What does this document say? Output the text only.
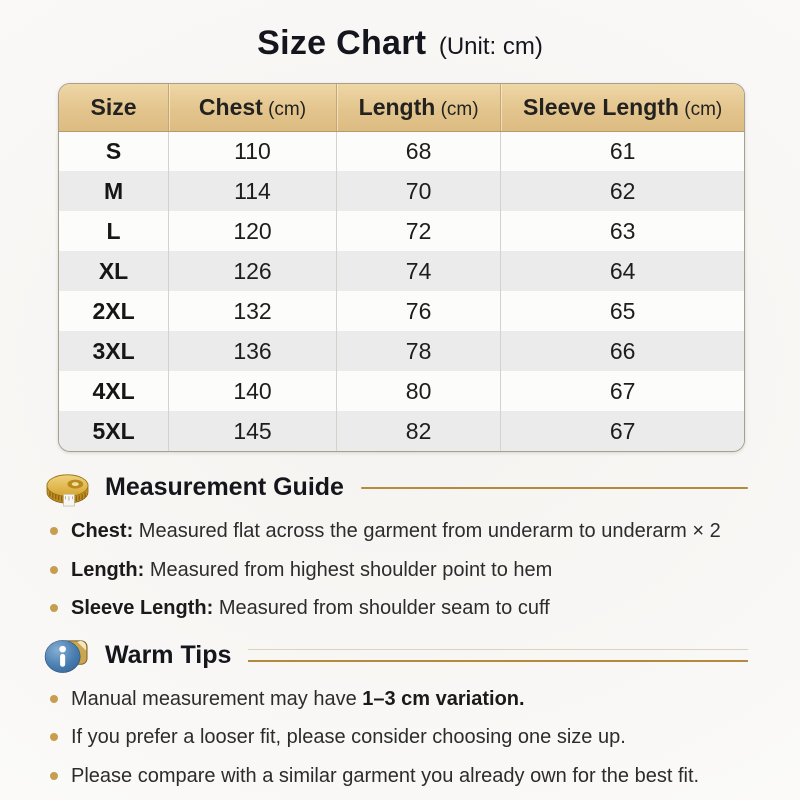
Size Chart (Unit: cm)
Size	Chest (cm)	Length (cm)	Sleeve Length (cm)
S	110	68	61
M	114	70	62
L	120	72	63
XL	126	74	64
2XL	132	76	65
3XL	136	78	66
4XL	140	80	67
5XL	145	82	67
Measurement Guide
Chest: Measured flat across the garment from underarm to underarm × 2
Length: Measured from highest shoulder point to hem
Sleeve Length: Measured from shoulder seam to cuff
Warm Tips
Manual measurement may have 1–3 cm variation.
If you prefer a looser fit, please consider choosing one size up.
Please compare with a similar garment you already own for the best fit.
